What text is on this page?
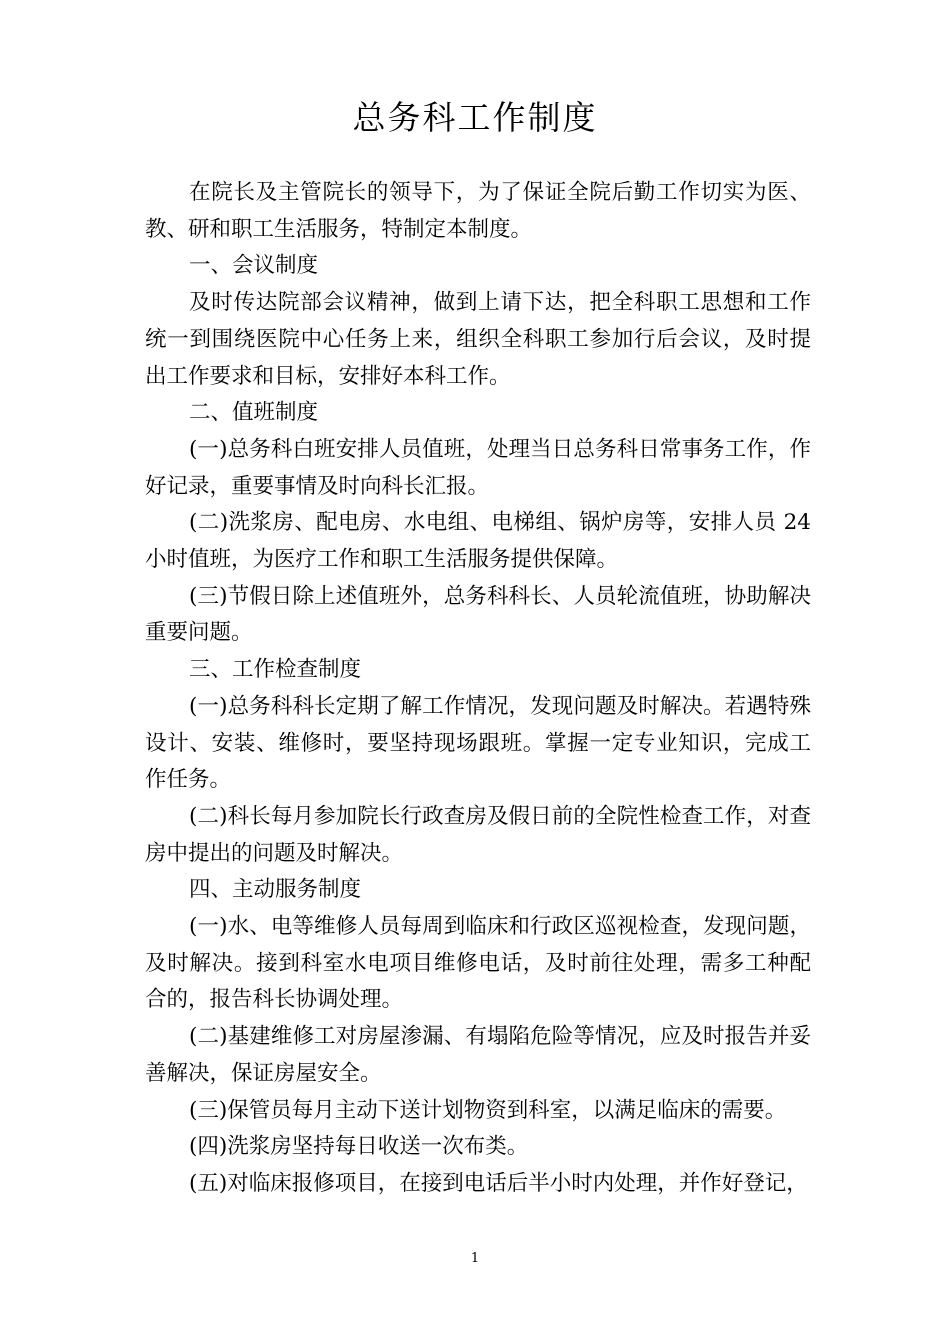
总务科工作制度

在院长及主管院长的领导下，为了保证全院后勤工作切实为医、教、研和职工生活服务，特制定本制度。

一、会议制度

及时传达院部会议精神，做到上请下达，把全科职工思想和工作统一到围绕医院中心任务上来，组织全科职工参加行后会议，及时提出工作要求和目标，安排好本科工作。

二、值班制度

(一)总务科白班安排人员值班，处理当日总务科日常事务工作，作好记录，重要事情及时向科长汇报。

(二)洗浆房、配电房、水电组、电梯组、锅炉房等，安排人员 24 小时值班，为医疗工作和职工生活服务提供保障。

(三)节假日除上述值班外，总务科科长、人员轮流值班，协助解决重要问题。

三、工作检查制度

(一)总务科科长定期了解工作情况，发现问题及时解决。若遇特殊设计、安装、维修时，要坚持现场跟班。掌握一定专业知识，完成工作任务。

(二)科长每月参加院长行政查房及假日前的全院性检查工作，对查房中提出的问题及时解决。

四、主动服务制度

(一)水、电等维修人员每周到临床和行政区巡视检查，发现问题，及时解决。接到科室水电项目维修电话，及时前往处理，需多工种配合的，报告科长协调处理。

(二)基建维修工对房屋渗漏、有塌陷危险等情况，应及时报告并妥善解决，保证房屋安全。

(三)保管员每月主动下送计划物资到科室，以满足临床的需要。

(四)洗浆房坚持每日收送一次布类。

(五)对临床报修项目，在接到电话后半小时内处理，并作好登记，

1
